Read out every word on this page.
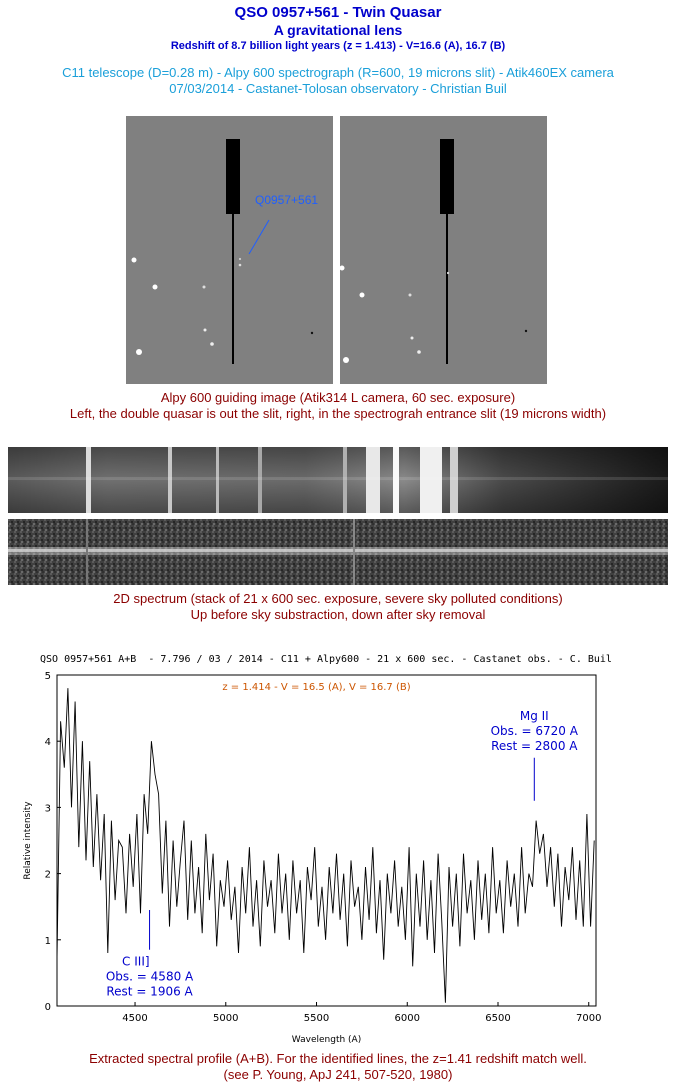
QSO 0957+561 - Twin Quasar
A gravitational lens
Redshift of 8.7 billion light years (z = 1.413) - V=16.6 (A), 16.7 (B)
C11 telescope (D=0.28 m) - Alpy 600 spectrograph (R=600, 19 microns slit) - Atik460EX camera
07/03/2014 - Castanet-Tolosan observatory - Christian Buil
Q0957+561
Alpy 600 guiding image (Atik314 L camera, 60 sec. exposure)
Left, the double quasar is out the slit, right, in the spectrograh entrance slit (19 microns width)
2D spectrum (stack of 21 x 600 sec. exposure, severe sky polluted conditions)
Up before sky substraction, down after sky removal
QSO 0957+561 A+B  - 7.796 / 03 / 2014 - C11 + Alpy600 - 21 x 600 sec. - Castanet obs. - C. Buil
0
1
2
3
4
5
4500	5000	5500	6000	6500	7000
Wavelength (A)
Relative intensity
z = 1.414 - V = 16.5 (A), V = 16.7 (B)
C III]
Obs. = 4580 A
Rest = 1906 A
Mg II
Obs. = 6720 A
Rest = 2800 A
Extracted spectral profile (A+B). For the identified lines, the z=1.41 redshift match well.
(see P. Young, ApJ 241, 507-520, 1980)
